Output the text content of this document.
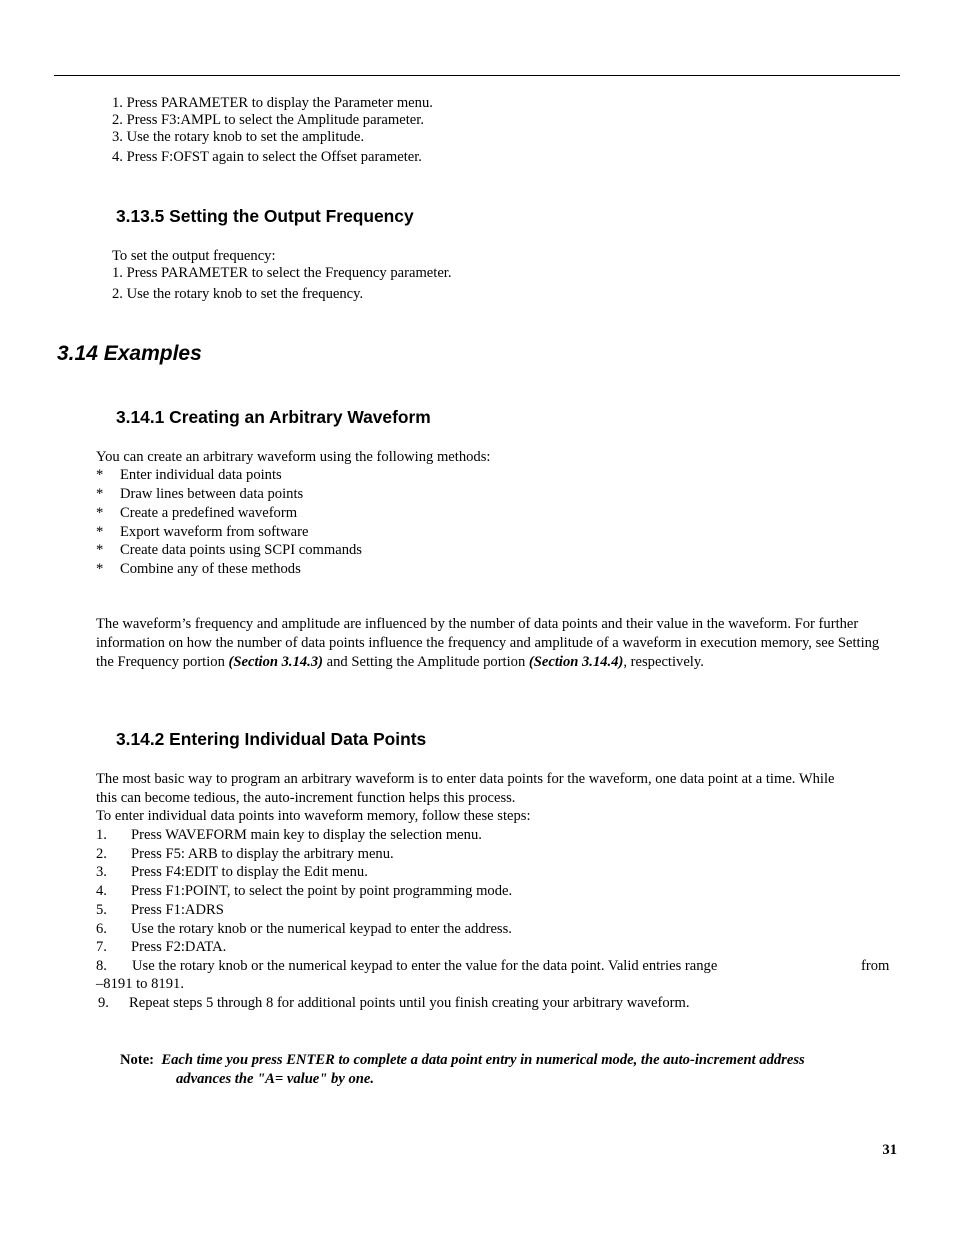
1. Press PARAMETER to display the Parameter menu.
2. Press F3:AMPL to select the Amplitude parameter.
3. Use the rotary knob to set the amplitude.
4. Press F:OFST again to select the Offset parameter.
3.13.5 Setting the Output Frequency
To set the output frequency:
1. Press PARAMETER to select the Frequency parameter.
2. Use the rotary knob to set the frequency.
3.14 Examples
3.14.1 Creating an Arbitrary Waveform
You can create an arbitrary waveform using the following methods:
* Enter individual data points
* Draw lines between data points
* Create a predefined waveform
* Export waveform from software
* Create data points using SCPI commands
* Combine any of these methods
The waveform’s frequency and amplitude are influenced by the number of data points and their value in the waveform. For further information on how the number of data points influence the frequency and amplitude of a waveform in execution memory, see Setting the Frequency portion (Section 3.14.3) and Setting the Amplitude portion (Section 3.14.4), respectively.
3.14.2 Entering Individual Data Points
The most basic way to program an arbitrary waveform is to enter data points for the waveform, one data point at a time. While
this can become tedious, the auto-increment function helps this process.
To enter individual data points into waveform memory, follow these steps:
1. Press WAVEFORM main key to display the selection menu.
2. Press F5: ARB to display the arbitrary menu.
3. Press F4:EDIT to display the Edit menu.
4. Press F1:POINT, to select the point by point programming mode.
5. Press F1:ADRS
6. Use the rotary knob or the numerical keypad to enter the address.
7. Press F2:DATA.
8. Use the rotary knob or the numerical keypad to enter the value for the data point. Valid entries range	from
–8191 to 8191.
9. Repeat steps 5 through 8 for additional points until you finish creating your arbitrary waveform.
Note: Each time you press ENTER to complete a data point entry in numerical mode, the auto-increment address
advances the "A= value" by one.
31
